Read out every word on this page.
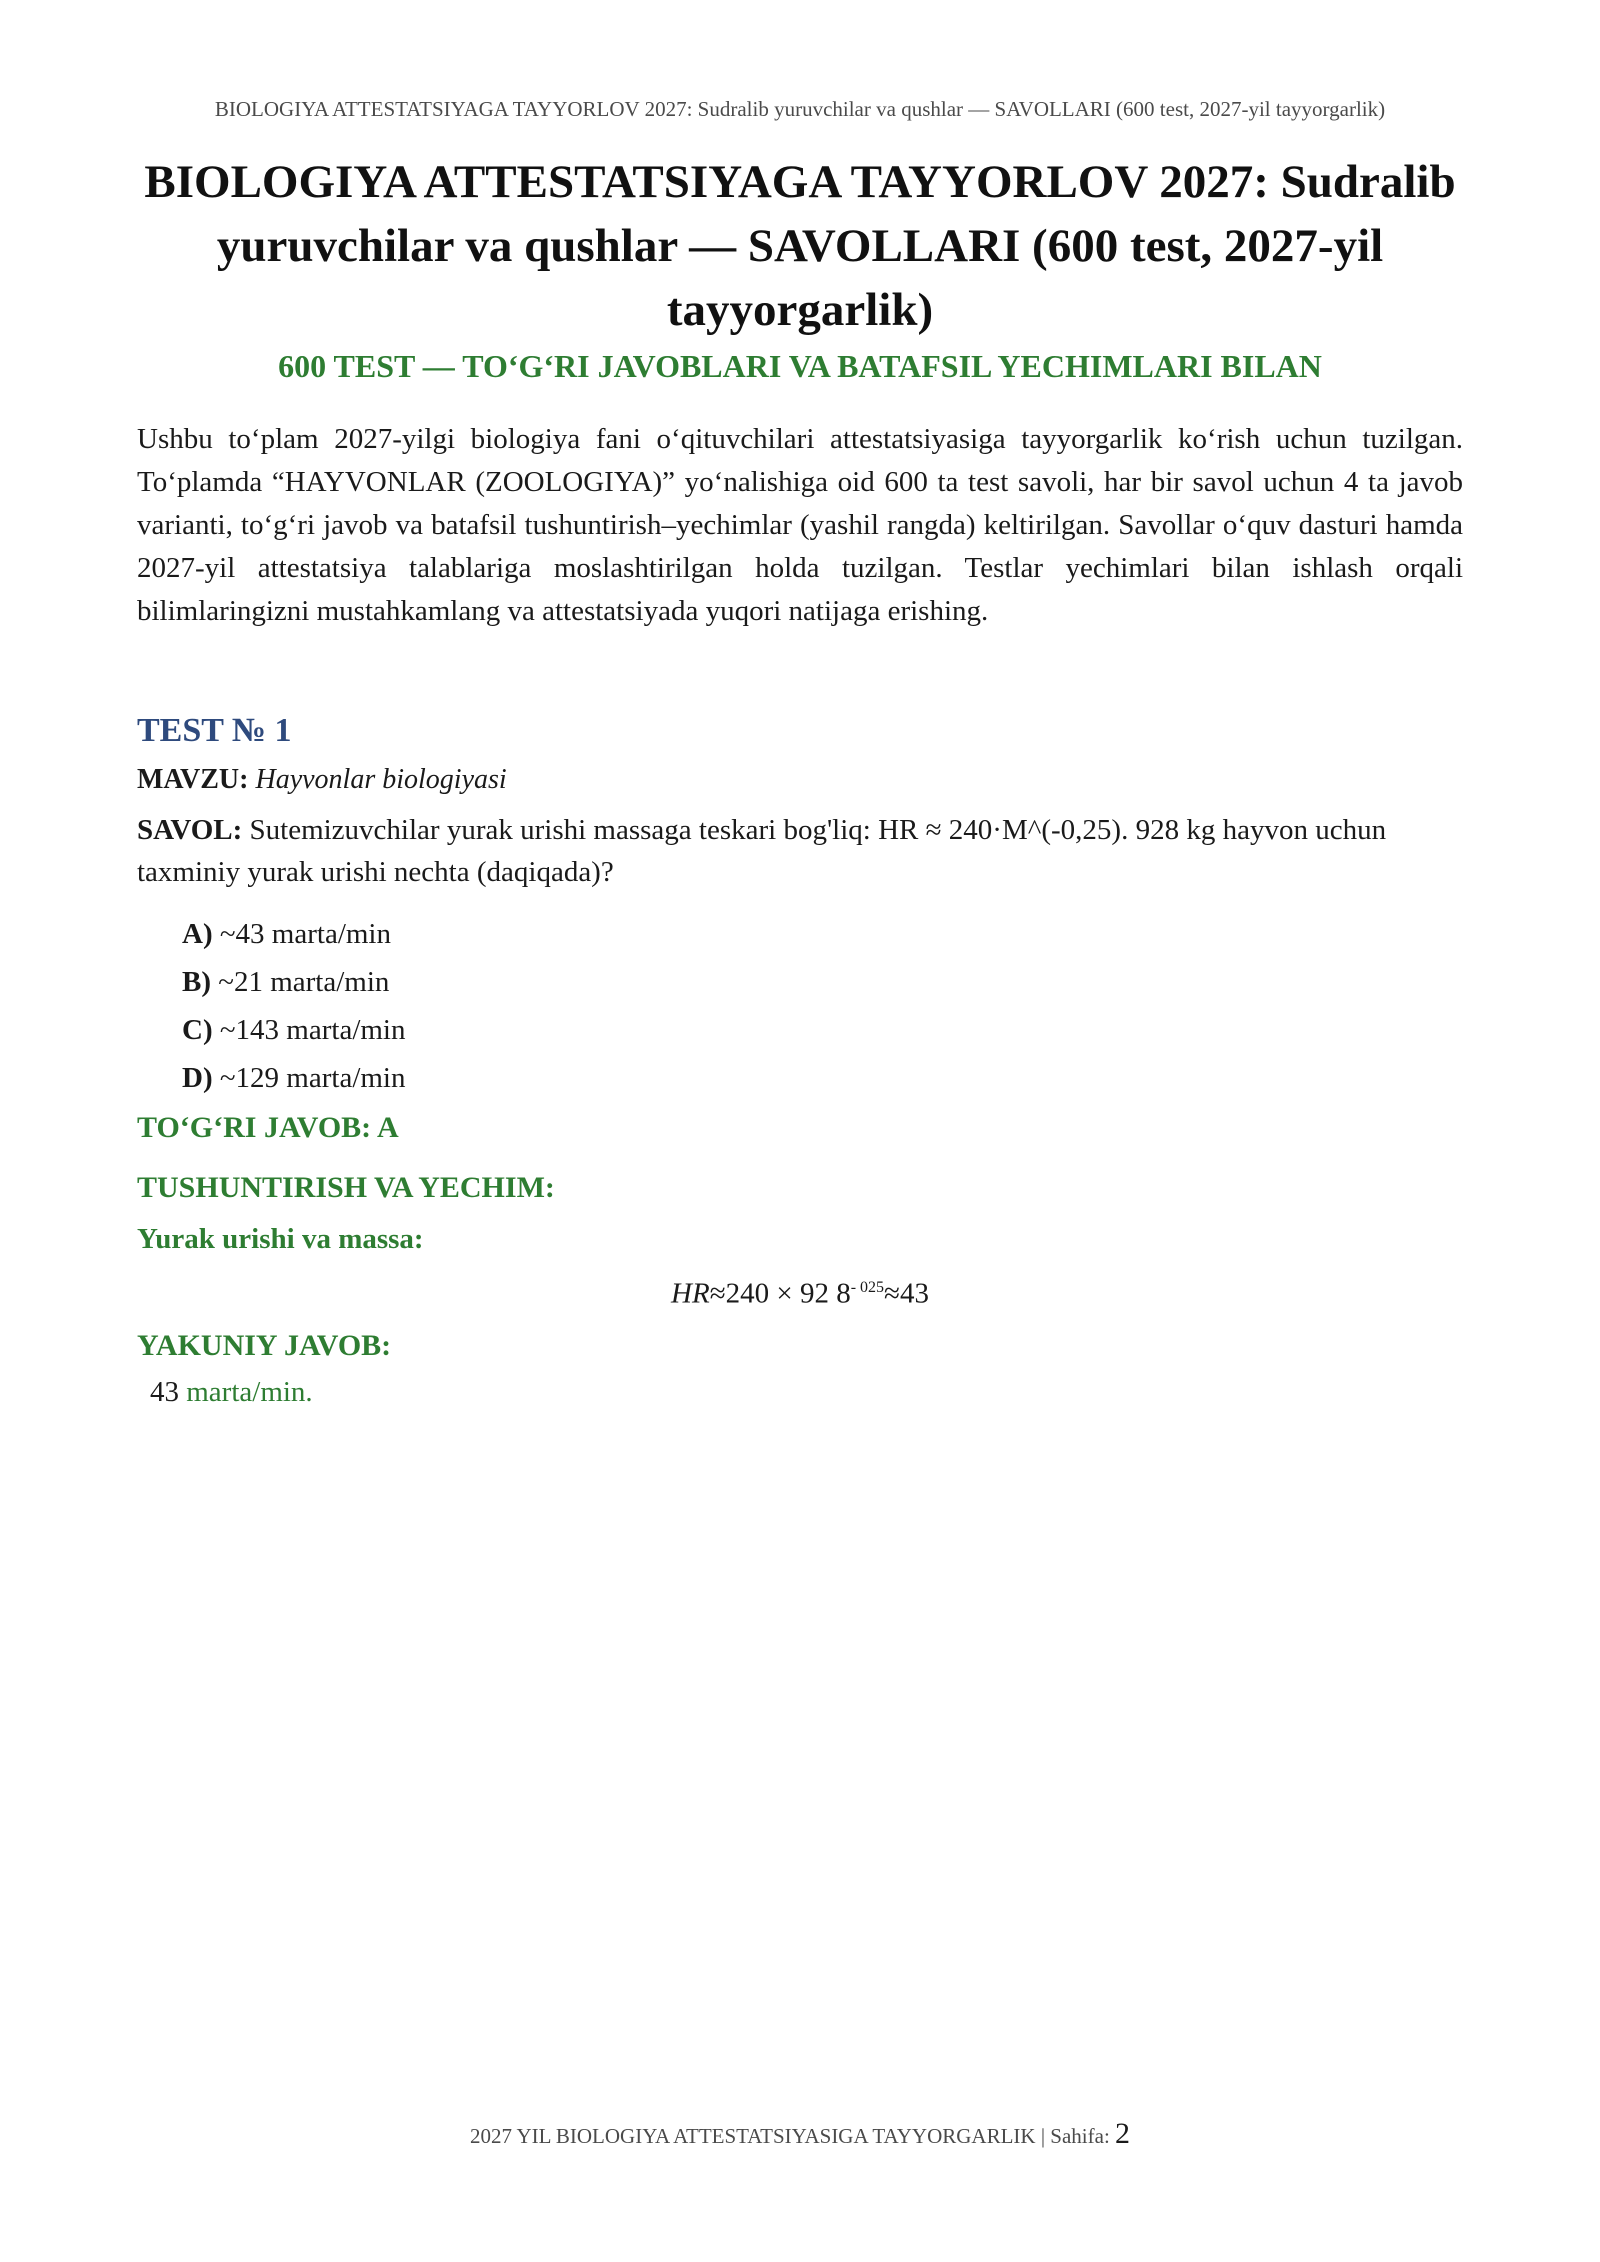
BIOLOGIYA ATTESTATSIYAGA TAYYORLOV 2027: Sudralib yuruvchilar va qushlar — SAVOLLARI (600 test, 2027-yil tayyorgarlik)
BIOLOGIYA ATTESTATSIYAGA TAYYORLOV 2027: Sudralib yuruvchilar va qushlar — SAVOLLARI (600 test, 2027-yil tayyorgarlik)
600 TEST — TO‘G‘RI JAVOBLARI VA BATAFSIL YECHIMLARI BILAN

Ushbu to‘plam 2027-yilgi biologiya fani o‘qituvchilari attestatsiyasiga tayyorgarlik ko‘rish uchun tuzilgan. To‘plamda “HAYVONLAR (ZOOLOGIYA)” yo‘nalishiga oid 600 ta test savoli, har bir savol uchun 4 ta javob varianti, to‘g‘ri javob va batafsil tushuntirish–yechimlar (yashil rangda) keltirilgan. Savollar o‘quv dasturi hamda 2027-yil attestatsiya talablariga moslashtirilgan holda tuzilgan. Testlar yechimlari bilan ishlash orqali bilimlaringizni mustahkamlang va attestatsiyada yuqori natijaga erishing.

TEST № 1
MAVZU: Hayvonlar biologiyasi

SAVOL: Sutemizuvchilar yurak urishi massaga teskari bog'liq: HR ≈ 240·M^(-0,25). 928 kg hayvon uchun taxminiy yurak urishi nechta (daqiqada)?

A) ~43 marta/min
B) ~21 marta/min
C) ~143 marta/min
D) ~129 marta/min

TO‘G‘RI JAVOB: A

TUSHUNTIRISH VA YECHIM:

Yurak urishi va massa:

HR≈240 × 92 $8^{- 025}\approx 43$

YAKUNIY JAVOB:

43 marta/min.
2027 YIL BIOLOGIYA ATTESTATSIYASIGA TAYYORGARLIK | Sahifa: 2
